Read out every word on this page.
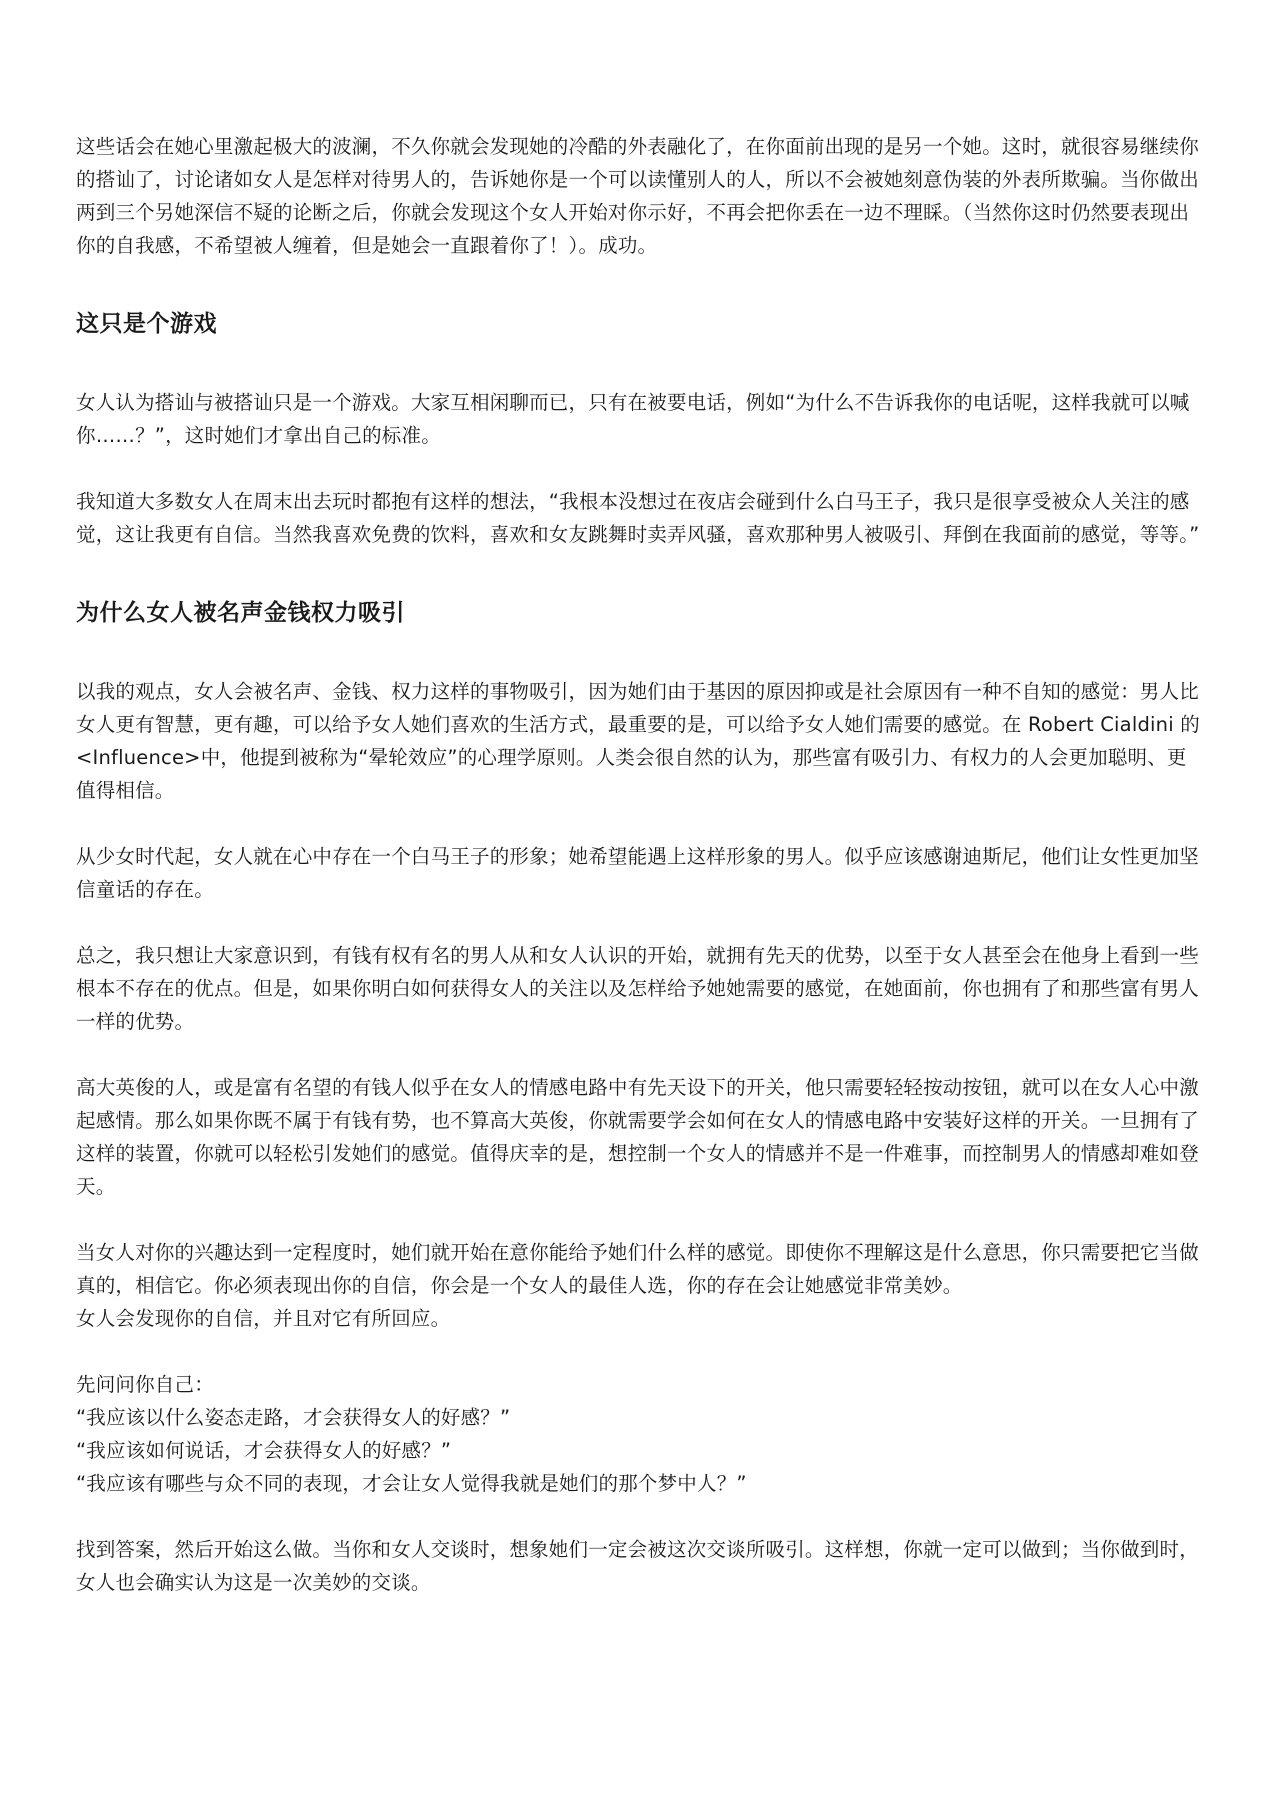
这些话会在她心里激起极大的波澜，不久你就会发现她的冷酷的外表融化了，在你面前出现的是另一个她。这时，就很容易继续你的搭讪了，讨论诸如女人是怎样对待男人的，告诉她你是一个可以读懂别人的人，所以不会被她刻意伪装的外表所欺骗。当你做出两到三个另她深信不疑的论断之后，你就会发现这个女人开始对你示好，不再会把你丢在一边不理睬。（当然你这时仍然要表现出你的自我感，不希望被人缠着，但是她会一直跟着你了！）。成功。

这只是个游戏

女人认为搭讪与被搭讪只是一个游戏。大家互相闲聊而已，只有在被要电话，例如“为什么不告诉我你的电话呢，这样我就可以喊你……？”，这时她们才拿出自己的标准。

我知道大多数女人在周末出去玩时都抱有这样的想法，“我根本没想过在夜店会碰到什么白马王子，我只是很享受被众人关注的感觉，这让我更有自信。当然我喜欢免费的饮料，喜欢和女友跳舞时卖弄风骚，喜欢那种男人被吸引、拜倒在我面前的感觉，等等。”

为什么女人被名声金钱权力吸引

以我的观点，女人会被名声、金钱、权力这样的事物吸引，因为她们由于基因的原因抑或是社会原因有一种不自知的感觉：男人比女人更有智慧，更有趣，可以给予女人她们喜欢的生活方式，最重要的是，可以给予女人她们需要的感觉。在 Robert Cialdini 的<Influence>中，他提到被称为“晕轮效应”的心理学原则。人类会很自然的认为，那些富有吸引力、有权力的人会更加聪明、更值得相信。

从少女时代起，女人就在心中存在一个白马王子的形象；她希望能遇上这样形象的男人。似乎应该感谢迪斯尼，他们让女性更加坚信童话的存在。

总之，我只想让大家意识到，有钱有权有名的男人从和女人认识的开始，就拥有先天的优势，以至于女人甚至会在他身上看到一些根本不存在的优点。但是，如果你明白如何获得女人的关注以及怎样给予她她需要的感觉，在她面前，你也拥有了和那些富有男人一样的优势。

高大英俊的人，或是富有名望的有钱人似乎在女人的情感电路中有先天设下的开关，他只需要轻轻按动按钮，就可以在女人心中激起感情。那么如果你既不属于有钱有势，也不算高大英俊，你就需要学会如何在女人的情感电路中安装好这样的开关。一旦拥有了这样的装置，你就可以轻松引发她们的感觉。值得庆幸的是，想控制一个女人的情感并不是一件难事，而控制男人的情感却难如登天。

当女人对你的兴趣达到一定程度时，她们就开始在意你能给予她们什么样的感觉。即使你不理解这是什么意思，你只需要把它当做真的，相信它。你必须表现出你的自信，你会是一个女人的最佳人选，你的存在会让她感觉非常美妙。

女人会发现你的自信，并且对它有所回应。

先问问你自己：

“我应该以什么姿态走路，才会获得女人的好感？”

“我应该如何说话，才会获得女人的好感？”

“我应该有哪些与众不同的表现，才会让女人觉得我就是她们的那个梦中人？”

找到答案，然后开始这么做。当你和女人交谈时，想象她们一定会被这次交谈所吸引。这样想，你就一定可以做到；当你做到时，女人也会确实认为这是一次美妙的交谈。
